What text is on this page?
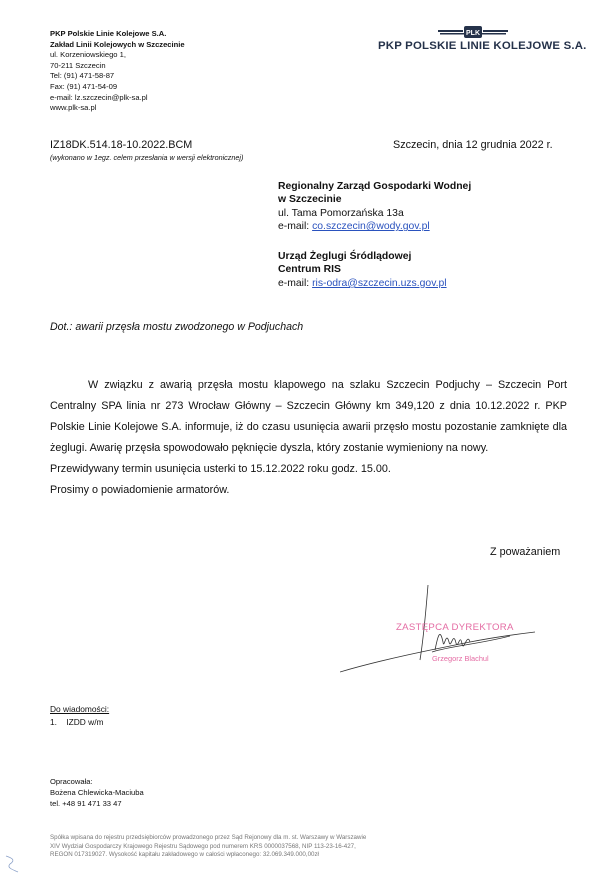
PKP Polskie Linie Kolejowe S.A.
Zakład Linii Kolejowych w Szczecinie
ul. Korzeniowskiego 1,
70-211 Szczecin
Tel: (91) 471-58-87
Fax: (91) 471-54-09
e-mail: lz.szczecin@plk-sa.pl
www.plk-sa.pl
PLK
PKP POLSKIE LINIE KOLEJOWE S.A.
IZ18DK.514.18-10.2022.BCM
(wykonano w 1egz. celem przesłania w wersji elektronicznej)
Szczecin, dnia 12 grudnia 2022 r.
Regionalny Zarząd Gospodarki Wodnej
w Szczecinie
ul. Tama Pomorzańska 13a
e-mail: co.szczecin@wody.gov.pl
Urząd Żeglugi Śródlądowej
Centrum RIS
e-mail: ris-odra@szczecin.uzs.gov.pl
Dot.: awarii przęsła mostu zwodzonego w Podjuchach

W związku z awarią przęsła mostu klapowego na szlaku Szczecin Podjuchy – Szczecin Port Centralny SPA linia nr 273 Wrocław Główny – Szczecin Główny km 349,120 z dnia 10.12.2022 r. PKP Polskie Linie Kolejowe S.A. informuje, iż do czasu usunięcia awarii przęsło mostu pozostanie zamknięte dla żeglugi. Awarię przęsła spowodowało pęknięcie dyszla, który zostanie wymieniony na nowy.

Przewidywany termin usunięcia usterki to 15.12.2022 roku godz. 15.00.

Prosimy o powiadomienie armatorów.

Z poważaniem
ZASTĘPCA DYREKTORA
Grzegorz Blachul
Do wiadomości:
1.    IZDD w/m
Opracowała:
Bożena Chlewicka-Maciuba
tel. +48 91 471 33 47
Spółka wpisana do rejestru przedsiębiorców prowadzonego przez Sąd Rejonowy dla m. st. Warszawy w Warszawie
XIV Wydział Gospodarczy Krajowego Rejestru Sądowego pod numerem KRS 0000037568, NIP 113-23-16-427,
REGON 017319027. Wysokość kapitału zakładowego w całości wpłaconego: 32.069.349.000,00zł
